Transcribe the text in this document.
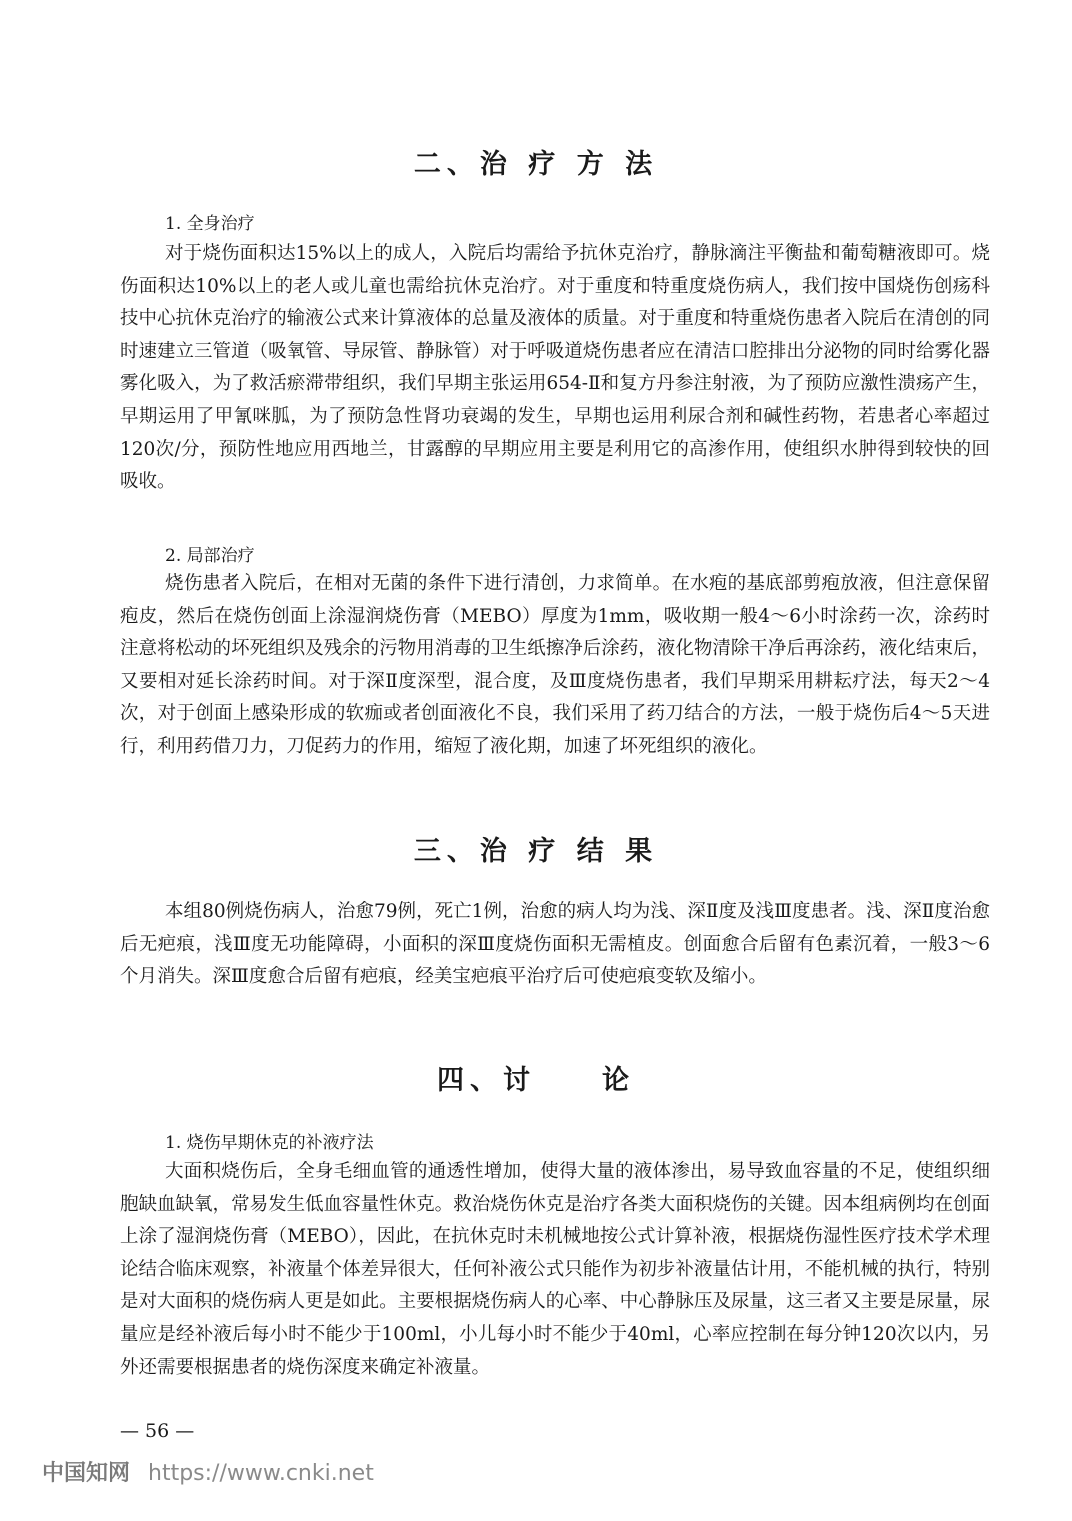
二、治 疗 方 法
1. 全身治疗

对于烧伤面积达15%以上的成人，入院后均需给予抗休克治疗，静脉滴注平衡盐和葡萄糖液即可。烧伤面积达10%以上的老人或儿童也需给抗休克治疗。对于重度和特重度烧伤病人，我们按中国烧伤创疡科技中心抗休克治疗的输液公式来计算液体的总量及液体的质量。对于重度和特重烧伤患者入院后在清创的同时速建立三管道（吸氧管、导尿管、静脉管）对于呼吸道烧伤患者应在清洁口腔排出分泌物的同时给雾化器雾化吸入，为了救活瘀滞带组织，我们早期主张运用654-Ⅱ和复方丹参注射液，为了预防应激性溃疡产生，早期运用了甲氰咪胍，为了预防急性肾功衰竭的发生，早期也运用利尿合剂和碱性药物，若患者心率超过120次/分，预防性地应用西地兰，甘露醇的早期应用主要是利用它的高渗作用，使组织水肿得到较快的回吸收。

2. 局部治疗

烧伤患者入院后，在相对无菌的条件下进行清创，力求简单。在水疱的基底部剪疱放液，但注意保留疱皮，然后在烧伤创面上涂湿润烧伤膏（MEBO）厚度为1mm，吸收期一般4～6小时涂药一次，涂药时注意将松动的坏死组织及残余的污物用消毒的卫生纸擦净后涂药，液化物清除干净后再涂药，液化结束后，又要相对延长涂药时间。对于深Ⅱ度深型，混合度，及Ⅲ度烧伤患者，我们早期采用耕耘疗法，每天2～4次，对于创面上感染形成的软痂或者创面液化不良，我们采用了药刀结合的方法，一般于烧伤后4～5天进行，利用药借刀力，刀促药力的作用，缩短了液化期，加速了坏死组织的液化。

三、治 疗 结 果

本组80例烧伤病人，治愈79例，死亡1例，治愈的病人均为浅、深Ⅱ度及浅Ⅲ度患者。浅、深Ⅱ度治愈后无疤痕，浅Ⅲ度无功能障碍，小面积的深Ⅲ度烧伤面积无需植皮。创面愈合后留有色素沉着，一般3～6个月消失。深Ⅲ度愈合后留有疤痕，经美宝疤痕平治疗后可使疤痕变软及缩小。

四、讨　　论
1. 烧伤早期休克的补液疗法

大面积烧伤后，全身毛细血管的通透性增加，使得大量的液体渗出，易导致血容量的不足，使组织细胞缺血缺氧，常易发生低血容量性休克。救治烧伤休克是治疗各类大面积烧伤的关键。因本组病例均在创面上涂了湿润烧伤膏（MEBO），因此，在抗休克时未机械地按公式计算补液，根据烧伤湿性医疗技术学术理论结合临床观察，补液量个体差异很大，任何补液公式只能作为初步补液量估计用，不能机械的执行，特别是对大面积的烧伤病人更是如此。主要根据烧伤病人的心率、中心静脉压及尿量，这三者又主要是尿量，尿量应是经补液后每小时不能少于100ml，小儿每小时不能少于40ml，心率应控制在每分钟120次以内，另外还需要根据患者的烧伤深度来确定补液量。

— 56 —
中国知网 https://www.cnki.net
